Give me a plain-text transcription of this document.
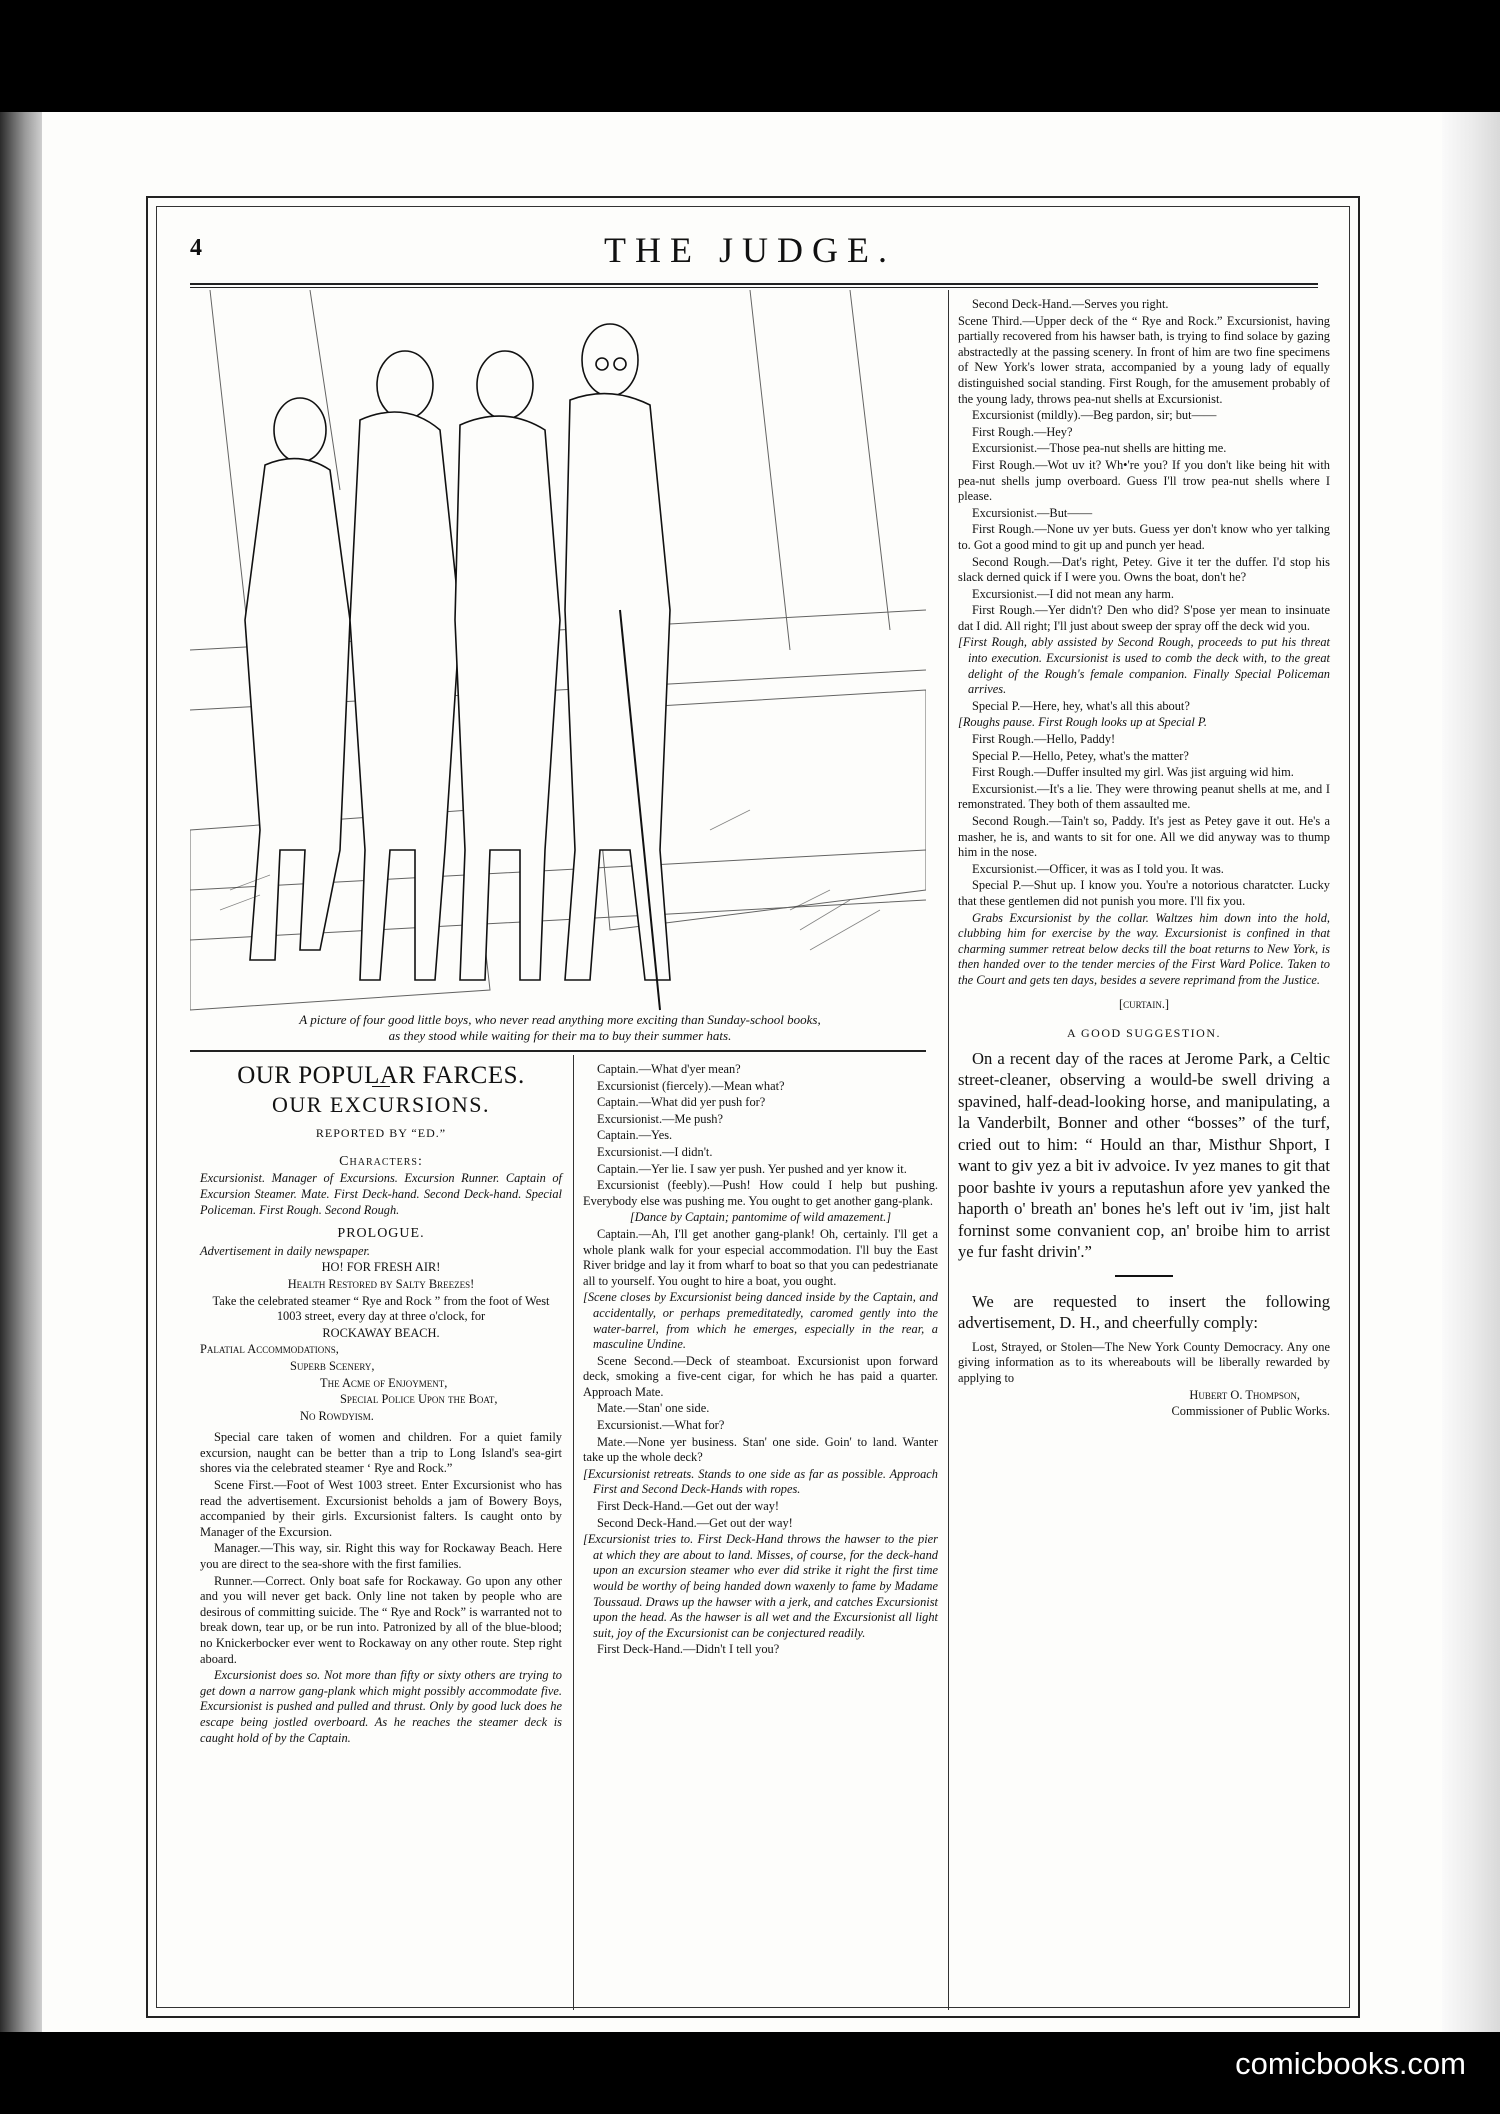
4	THE JUDGE.
A picture of four good little boys, who never read anything more exciting than Sunday-school books,
as they stood while waiting for their ma to buy their summer hats.
OUR POPULAR FARCES.
OUR EXCURSIONS.
REPORTED BY “ED.”
Characters:

Excursionist. Manager of Excursions. Excursion Runner. Captain of Excursion Steamer. Mate. First Deck-hand. Second Deck-hand. Special Policeman. First Rough. Second Rough.

PROLOGUE.

Advertisement in daily newspaper.

HO! FOR FRESH AIR!

Health Restored by Salty Breezes!

Take the celebrated steamer “ Rye and Rock ” from the foot of West 1003 street, every day at three o'clock, for

ROCKAWAY BEACH.

Palatial Accommodations,

Superb Scenery,

The Acme of Enjoyment,

Special Police Upon the Boat,

No Rowdyism.

Special care taken of women and children. For a quiet family excursion, naught can be better than a trip to Long Island's sea-girt shores via the celebrated steamer ‘ Rye and Rock.”

Scene First.—Foot of West 1003 street. Enter Excursionist who has read the advertisement. Excursionist beholds a jam of Bowery Boys, accompanied by their girls. Excursionist falters. Is caught onto by Manager of the Excursion.

Manager.—This way, sir. Right this way for Rockaway Beach. Here you are direct to the sea-shore with the first families.

Runner.—Correct. Only boat safe for Rockaway. Go upon any other and you will never get back. Only line not taken by people who are desirous of committing suicide. The “ Rye and Rock” is warranted not to break down, tear up, or be run into. Patronized by all of the blue-blood; no Knickerbocker ever went to Rockaway on any other route. Step right aboard.

Excursionist does so. Not more than fifty or sixty others are trying to get down a narrow gang-plank which might possibly accommodate five. Excursionist is pushed and pulled and thrust. Only by good luck does he escape being jostled overboard. As he reaches the steamer deck is caught hold of by the Captain.

Captain.—What d'yer mean?

Excursionist (fiercely).—Mean what?

Captain.—What did yer push for?

Excursionist.—Me push?

Captain.—Yes.

Excursionist.—I didn't.

Captain.—Yer lie. I saw yer push. Yer pushed and yer know it.

Excursionist (feebly).—Push! How could I help but pushing. Everybody else was pushing me. You ought to get another gang-plank.

[Dance by Captain; pantomime of wild amazement.]

Captain.—Ah, I'll get another gang-plank! Oh, certainly. I'll get a whole plank walk for your especial accommodation. I'll buy the East River bridge and lay it from wharf to boat so that you can pedestrianate all to yourself. You ought to hire a boat, you ought.

[Scene closes by Excursionist being danced inside by the Captain, and accidentally, or perhaps premeditatedly, caromed gently into the water-barrel, from which he emerges, especially in the rear, a masculine Undine.

Scene Second.—Deck of steamboat. Excursionist upon forward deck, smoking a five-cent cigar, for which he has paid a quarter. Approach Mate.

Mate.—Stan' one side.

Excursionist.—What for?

Mate.—None yer business. Stan' one side. Goin' to land. Wanter take up the whole deck?

[Excursionist retreats. Stands to one side as far as possible. Approach First and Second Deck-Hands with ropes.

First Deck-Hand.—Get out der way!

Second Deck-Hand.—Get out der way!

[Excursionist tries to. First Deck-Hand throws the hawser to the pier at which they are about to land. Misses, of course, for the deck-hand upon an excursion steamer who ever did strike it right the first time would be worthy of being handed down waxenly to fame by Madame Toussaud. Draws up the hawser with a jerk, and catches Excursionist upon the head. As the hawser is all wet and the Excursionist all light suit, joy of the Excursionist can be conjectured readily.

First Deck-Hand.—Didn't I tell you?

Second Deck-Hand.—Serves you right.

Scene Third.—Upper deck of the “ Rye and Rock.” Excursionist, having partially recovered from his hawser bath, is trying to find solace by gazing abstractedly at the passing scenery. In front of him are two fine specimens of New York's lower strata, accompanied by a young lady of equally distinguished social standing. First Rough, for the amusement probably of the young lady, throws pea-nut shells at Excursionist.

Excursionist (mildly).—Beg pardon, sir; but——

First Rough.—Hey?

Excursionist.—Those pea-nut shells are hitting me.

First Rough.—Wot uv it? Wh•'re you? If you don't like being hit with pea-nut shells jump overboard. Guess I'll trow pea-nut shells where I please.

Excursionist.—But——

First Rough.—None uv yer buts. Guess yer don't know who yer talking to. Got a good mind to git up and punch yer head.

Second Rough.—Dat's right, Petey. Give it ter the duffer. I'd stop his slack derned quick if I were you. Owns the boat, don't he?

Excursionist.—I did not mean any harm.

First Rough.—Yer didn't? Den who did? S'pose yer mean to insinuate dat I did. All right; I'll just about sweep der spray off the deck wid you.

[First Rough, ably assisted by Second Rough, proceeds to put his threat into execution. Excursionist is used to comb the deck with, to the great delight of the Rough's female companion. Finally Special Policeman arrives.

Special P.—Here, hey, what's all this about?

[Roughs pause. First Rough looks up at Special P.

First Rough.—Hello, Paddy!

Special P.—Hello, Petey, what's the matter?

First Rough.—Duffer insulted my girl. Was jist arguing wid him.

Excursionist.—It's a lie. They were throwing peanut shells at me, and I remonstrated. They both of them assaulted me.

Second Rough.—Tain't so, Paddy. It's jest as Petey gave it out. He's a masher, he is, and wants to sit for one. All we did anyway was to thump him in the nose.

Excursionist.—Officer, it was as I told you. It was.

Special P.—Shut up. I know you. You're a notorious charatcter. Lucky that these gentlemen did not punish you more. I'll fix you.

Grabs Excursionist by the collar. Waltzes him down into the hold, clubbing him for exercise by the way. Excursionist is confined in that charming summer retreat below decks till the boat returns to New York, is then handed over to the tender mercies of the First Ward Police. Taken to the Court and gets ten days, besides a severe reprimand from the Justice.

[curtain.]

A GOOD SUGGESTION.

On a recent day of the races at Jerome Park, a Celtic street-cleaner, observing a would-be swell driving a spavined, half-dead-looking horse, and manipulating, a la Vanderbilt, Bonner and other “bosses” of the turf, cried out to him: “ Hould an thar, Misthur Shport, I want to giv yez a bit iv advoice. Iv yez manes to git that poor bashte iv yours a reputashun afore yev yanked the haporth o' breath an' bones he's left out iv 'im, jist halt forninst some convanient cop, an' broibe him to arrist ye fur fasht drivin'.”

We are requested to insert the following advertisement, D. H., and cheerfully comply:

Lost, Strayed, or Stolen—The New York County Democracy. Any one giving information as to its whereabouts will be liberally rewarded by applying to

Hubert O. Thompson,

Commissioner of Public Works.

comicbooks.com
